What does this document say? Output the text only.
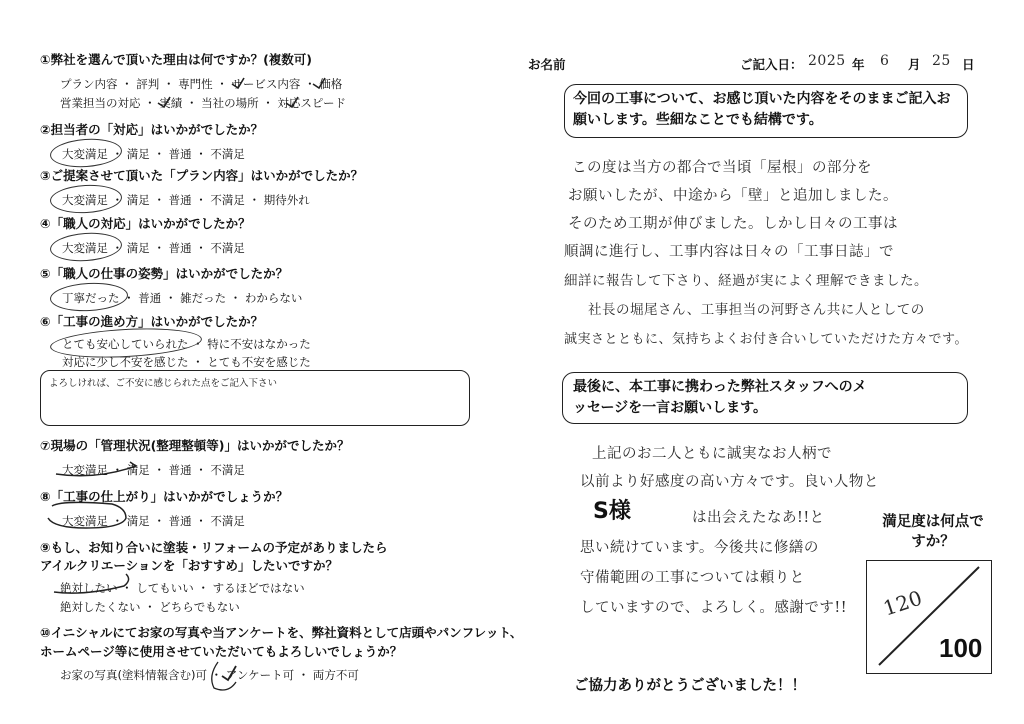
①弊社を選んで頂いた理由は何ですか？(複数可)
プラン内容 ・ 評判 ・ 専門性 ・ サービス内容 ・ 価格
営業担当の対応 ・ 実績 ・ 当社の場所 ・ 対応スピード
②担当者の「対応」はいかがでしたか？
大変満足 ・ 満足 ・ 普通 ・ 不満足
③ご提案させて頂いた「プラン内容」はいかがでしたか？
大変満足 ・ 満足 ・ 普通 ・ 不満足 ・ 期待外れ
④「職人の対応」はいかがでしたか？
大変満足 ・ 満足 ・ 普通 ・ 不満足
⑤「職人の仕事の姿勢」はいかがでしたか？
丁寧だった ・ 普通 ・ 雑だった ・ わからない
⑥「工事の進め方」はいかがでしたか？
とても安心していられた ・ 特に不安はなかった
対応に少し不安を感じた ・ とても不安を感じた
よろしければ、ご不安に感じられた点をご記入下さい
⑦現場の「管理状況(整理整頓等)」はいかがでしたか？
大変満足 ・ 満足 ・ 普通 ・ 不満足
⑧「工事の仕上がり」はいかがでしょうか？
大変満足 ・ 満足 ・ 普通 ・ 不満足
⑨もし、お知り合いに塗装・リフォームの予定がありましたら
アイルクリエーションを「おすすめ」したいですか？
絶対したい ・ してもいい ・ するほどではない
絶対したくない ・ どちらでもない
⑩イニシャルにてお家の写真や当アンケートを、弊社資料として店頭やパンフレット、
ホームページ等に使用させていただいてもよろしいでしょうか？
お家の写真(塗料情報含む)可 ・ アンケート可 ・ 両方不可
お名前	ご記入日： 2025 年 6 月 25 日
今回の工事について、お感じ頂いた内容をそのままご記入お願いします。些細なことでも結構です。
この度は当方の都合で当頃「屋根」の部分を
お願いしたが、中途から「壁」と追加しました。
そのため工期が伸びました。しかし日々の工事は
順調に進行し、工事内容は日々の「工事日誌」で
細詳に報告して下さり、経過が実によく理解できました。
社長の堀尾さん、工事担当の河野さん共に人としての
誠実さとともに、気持ちよくお付き合いしていただけた方々です。
最後に、本工事に携わった弊社スタッフへのメッセージを一言お願いします。
上記のお二人ともに誠実なお人柄で
以前より好感度の高い方々です。良い人物と
は出会えたなあ!!と
思い続けています。今後共に修繕の
守備範囲の工事については頼りと
していますので、よろしく。感謝です!!
S様	満足度は何点ですか？
120
100
ご協力ありがとうございました！！
